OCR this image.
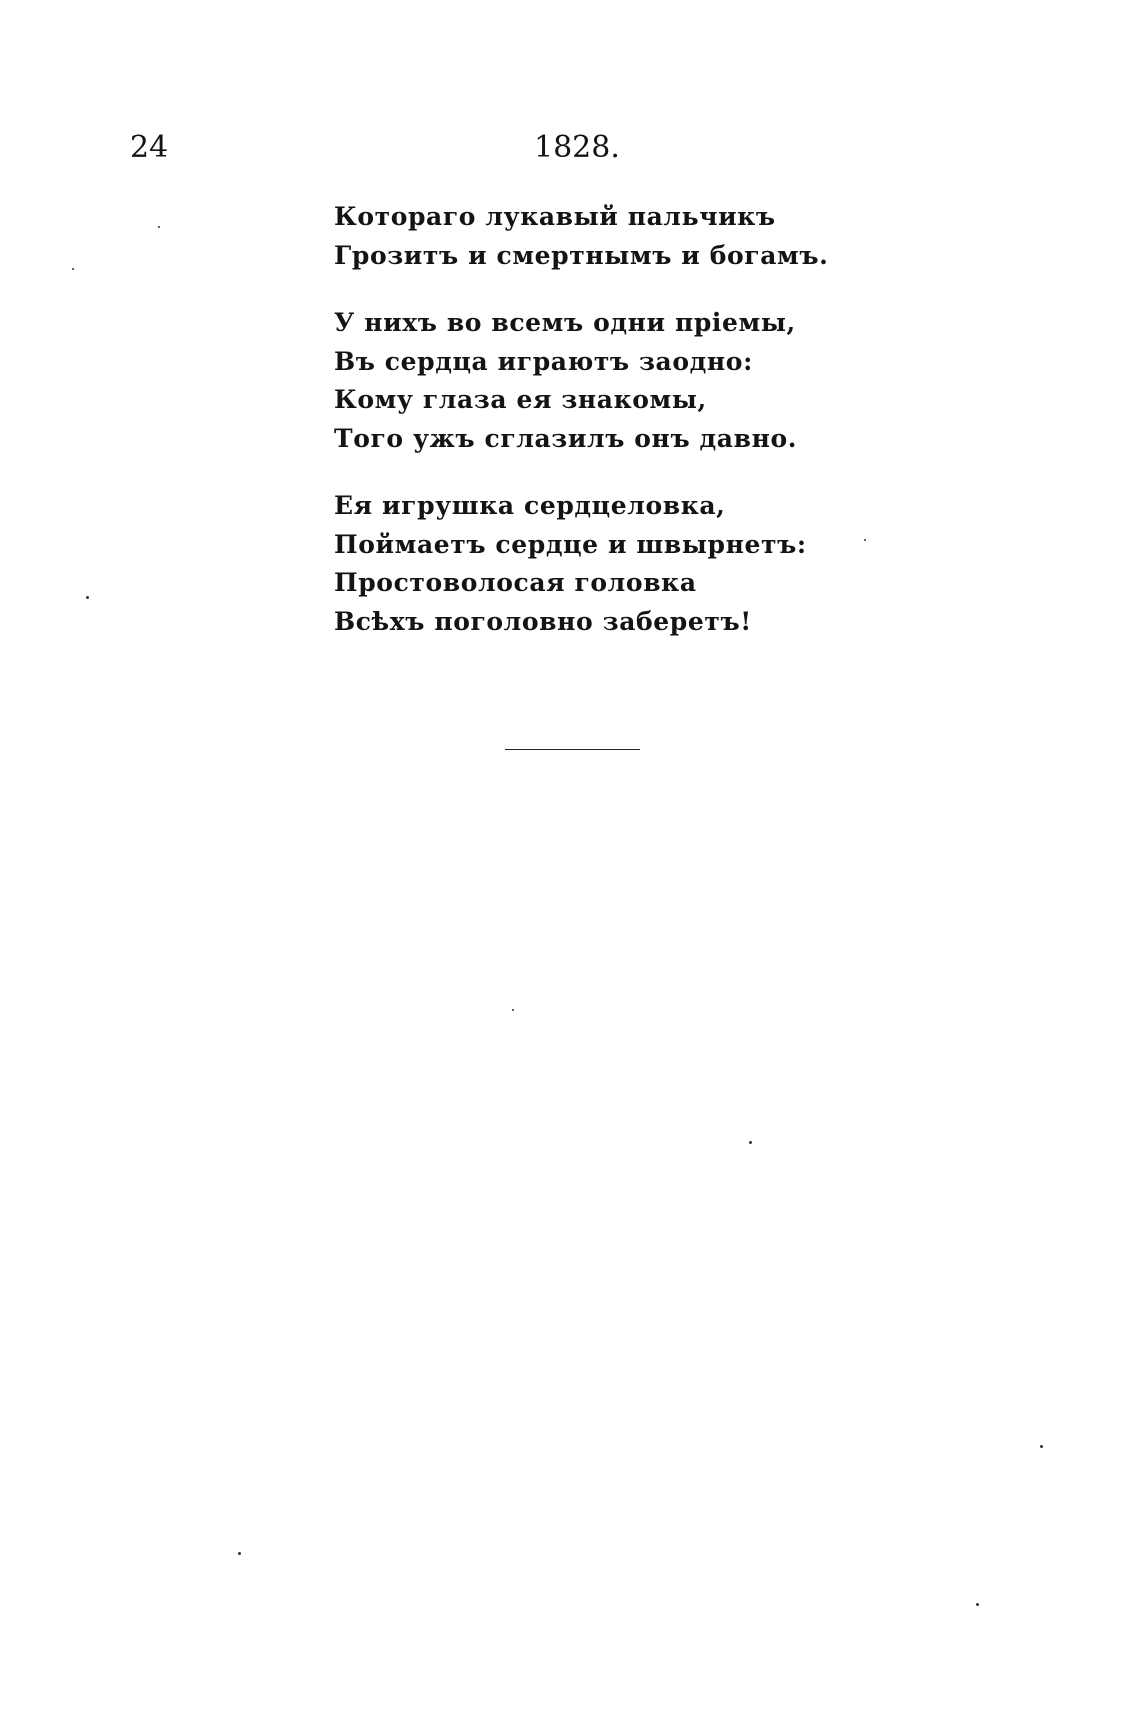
24	1828.
Котораго лукавый пальчикъ
Грозитъ и смертнымъ и богамъ.
У нихъ во всемъ одни пріемы,
Въ сердца играютъ заодно:
Кому глаза ея знакомы,
Того ужъ сглазилъ онъ давно.
Ея игрушка сердцеловка,
Поймаетъ сердце и швырнетъ:
Простоволосая головка
Всѣхъ поголовно заберетъ!
